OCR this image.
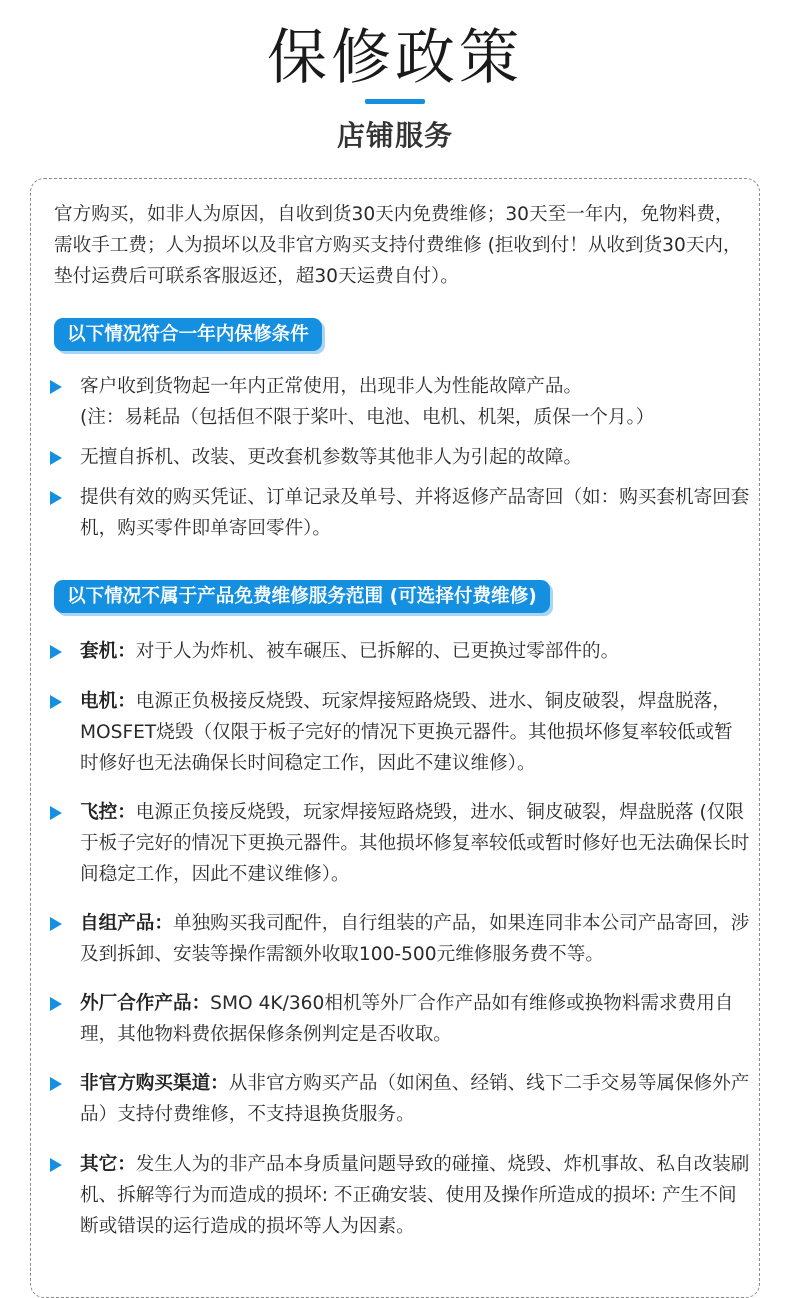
保修政策
店铺服务
官方购买，如非人为原因，自收到货30天内免费维修；30天至一年内，免物料费，需收手工费；人为损坏以及非官方购买支持付费维修 (拒收到付！从收到货30天内，垫付运费后可联系客服返还，超30天运费自付）。
以下情况符合一年内保修条件
客户收到货物起一年内正常使用，出现非人为性能故障产品。
(注：易耗品（包括但不限于桨叶、电池、电机、机架，质保一个月。）
无擅自拆机、改装、更改套机参数等其他非人为引起的故障。
提供有效的购买凭证、订单记录及单号、并将返修产品寄回（如：购买套机寄回套机，购买零件即单寄回零件）。
以下情况不属于产品免费维修服务范围 (可选择付费维修)
套机：对于人为炸机、被车碾压、已拆解的、已更换过零部件的。
电机：电源正负极接反烧毁、玩家焊接短路烧毁、进水、铜皮破裂，焊盘脱落，MOSFET烧毁（仅限于板子完好的情况下更换元器件。其他损坏修复率较低或暂时修好也无法确保长时间稳定工作，因此不建议维修）。
飞控：电源正负接反烧毁，玩家焊接短路烧毁，进水、铜皮破裂，焊盘脱落 (仅限于板子完好的情况下更换元器件。其他损坏修复率较低或暂时修好也无法确保长时间稳定工作，因此不建议维修）。
自组产品：单独购买我司配件，自行组装的产品，如果连同非本公司产品寄回，涉及到拆卸、安装等操作需额外收取100-500元维修服务费不等。
外厂合作产品：SMO 4K/360相机等外厂合作产品如有维修或换物料需求费用自理，其他物料费依据保修条例判定是否收取。
非官方购买渠道：从非官方购买产品（如闲鱼、经销、线下二手交易等属保修外产品）支持付费维修，不支持退换货服务。
其它：发生人为的非产品本身质量问题导致的碰撞、烧毁、炸机事故、私自改装刷机、拆解等行为而造成的损坏: 不正确安装、使用及操作所造成的损坏: 产生不间断或错误的运行造成的损坏等人为因素。
